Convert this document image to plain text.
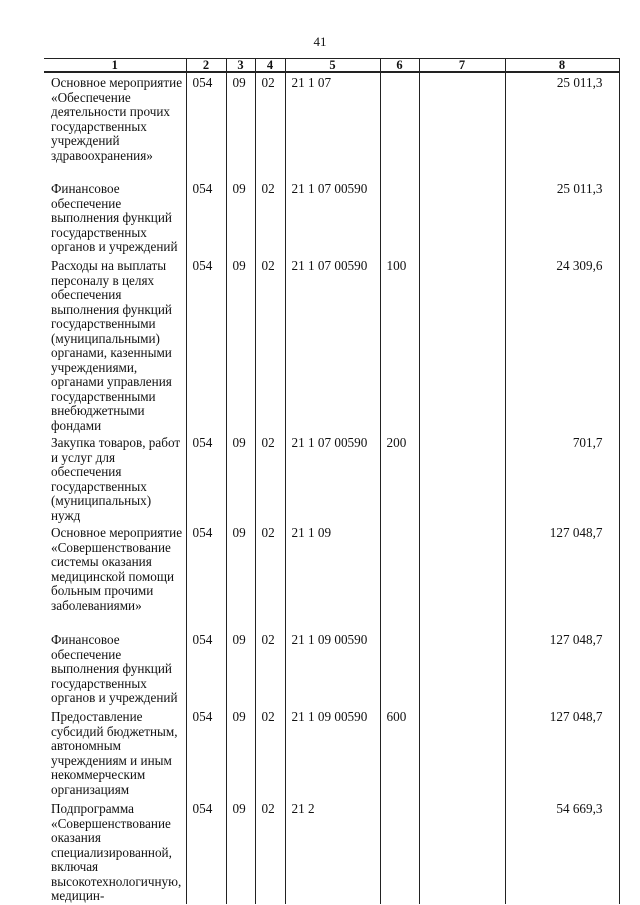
41
1	2	3	4	5	6	7	8
Основное мероприятие «Обеспечение деятельности прочих государственных учреждений здравоохранения»	054	09	02	21 1 07			25 011,3
Финансовое обеспечение выполнения функций государственных органов и учреждений	054	09	02	21 1 07 00590			25 011,3
Расходы на выплаты персоналу в целях обеспечения выполнения функций государственными (муниципальными) органами, казенными учреждениями, органами управления государственными внебюджетными фондами	054	09	02	21 1 07 00590	100		24 309,6
Закупка товаров, работ и услуг для обеспечения государственных (муниципальных) нужд	054	09	02	21 1 07 00590	200		701,7
Основное мероприятие «Совершенствование системы оказания медицинской помощи больным прочими заболеваниями»	054	09	02	21 1 09			127 048,7
Финансовое обеспечение выполнения функций государственных органов и учреждений	054	09	02	21 1 09 00590			127 048,7
Предоставление субсидий бюджетным, автономным учреждениям и иным некоммерческим организациям	054	09	02	21 1 09 00590	600		127 048,7
Подпрограмма «Совершенствование оказания специализированной, включая высокотехнологичную, медицин-	054	09	02	21 2			54 669,3
